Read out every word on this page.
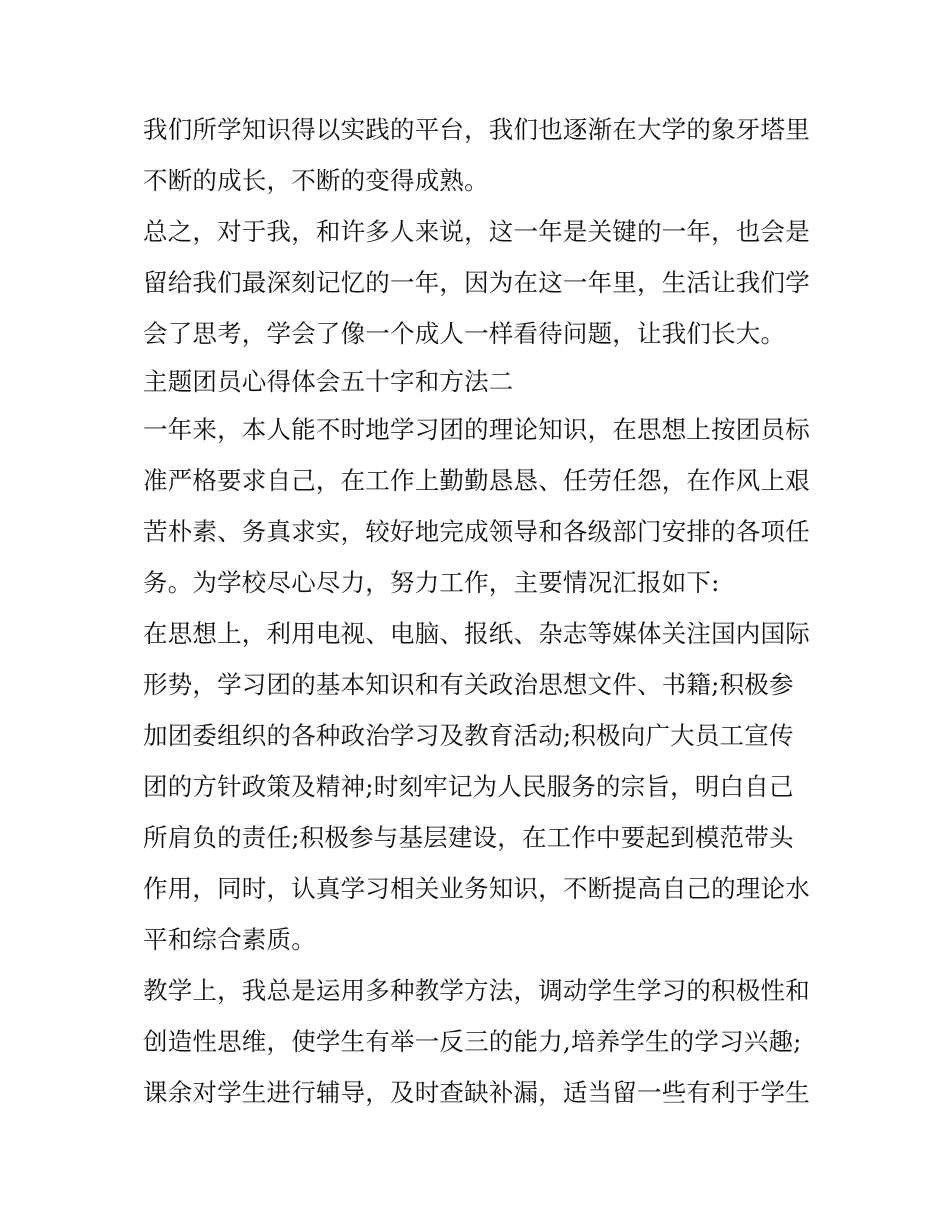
我们所学知识得以实践的平台，我们也逐渐在大学的象牙塔里
不断的成长，不断的变得成熟。
总之，对于我，和许多人来说，这一年是关键的一年，也会是
留给我们最深刻记忆的一年，因为在这一年里，生活让我们学
会了思考，学会了像一个成人一样看待问题，让我们长大。
主题团员心得体会五十字和方法二
一年来，本人能不时地学习团的理论知识，在思想上按团员标
准严格要求自己，在工作上勤勤恳恳、任劳任怨，在作风上艰
苦朴素、务真求实，较好地完成领导和各级部门安排的各项任
务。为学校尽心尽力，努力工作，主要情况汇报如下:
在思想上，利用电视、电脑、报纸、杂志等媒体关注国内国际
形势，学习团的基本知识和有关政治思想文件、书籍;积极参
加团委组织的各种政治学习及教育活动;积极向广大员工宣传
团的方针政策及精神;时刻牢记为人民服务的宗旨，明白自己
所肩负的责任;积极参与基层建设，在工作中要起到模范带头
作用，同时，认真学习相关业务知识，不断提高自己的理论水
平和综合素质。
教学上，我总是运用多种教学方法，调动学生学习的积极性和
创造性思维，使学生有举一反三的能力,培养学生的学习兴趣;
课余对学生进行辅导，及时查缺补漏，适当留一些有利于学生
